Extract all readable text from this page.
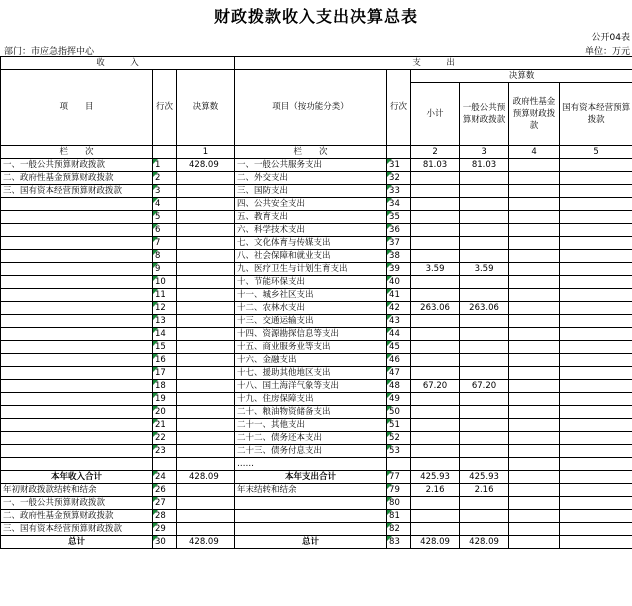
财政拨款收入支出决算总表
公开04表
部门：市应急指挥中心	单位：万元
收　　　入			支　　　出					
项　　目	行次	决算数	项目（按功能分类）	行次	决算数			
					小计	一般公共预算财政拨款	政府性基金预算财政拨款	国有资本经营预算拨款
栏　　次		1	栏　　次		2	3	4	5
一、一般公共预算财政拨款	1	428.09	一、一般公共服务支出	31	81.03	81.03		
二、政府性基金预算财政拨款	2		二、外交支出	32				
三、国有资本经营预算财政拨款	3		三、国防支出	33				
	4		四、公共安全支出	34				
	5		五、教育支出	35				
	6		六、科学技术支出	36				
	7		七、文化体育与传媒支出	37				
	8		八、社会保障和就业支出	38				
	9		九、医疗卫生与计划生育支出	39	3.59	3.59		
	10		十、节能环保支出	40				
	11		十一、城乡社区支出	41				
	12		十二、农林水支出	42	263.06	263.06		
	13		十三、交通运输支出	43				
	14		十四、资源勘探信息等支出	44				
	15		十五、商业服务业等支出	45				
	16		十六、金融支出	46				
	17		十七、援助其他地区支出	47				
	18		十八、国土海洋气象等支出	48	67.20	67.20		
	19		十九、住房保障支出	49				
	20		二十、粮油物资储备支出	50				
	21		二十一、其他支出	51				
	22		二十二、债务还本支出	52				
	23		二十三、债务付息支出	53				
			……					
本年收入合计	24	428.09	本年支出合计	77	425.93	425.93		
年初财政拨款结转和结余	26		年末结转和结余	79	2.16	2.16		
一、一般公共预算财政拨款	27			80				
二、政府性基金预算财政拨款	28			81				
三、国有资本经营预算财政拨款	29			82				
总计	30	428.09	总计	83	428.09	428.09		
